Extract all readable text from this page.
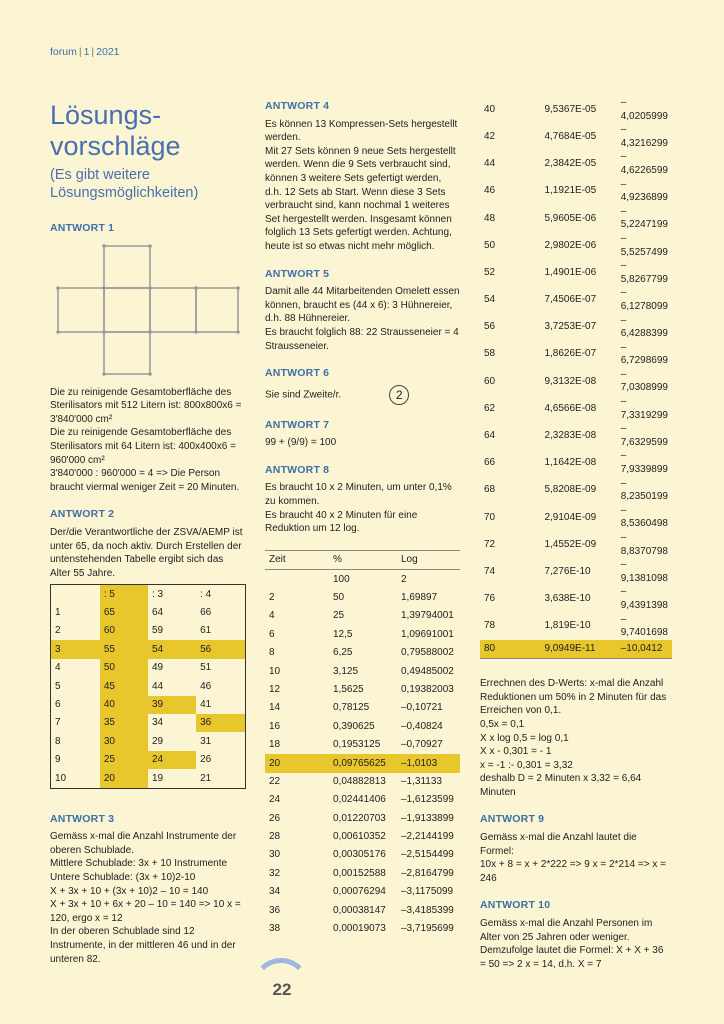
forum | 1 | 2021
Lösungs-
vorschläge

(Es gibt weitere
Lösungsmöglichkeiten)

ANTWORT 1

Die zu reinigende Gesamtoberfläche des Sterilisators mit 512 Litern ist: 800x800x6 = 3'840'000 cm²

Die zu reinigende Gesamtoberfläche des Sterilisators mit 64 Litern ist: 400x400x6 = 960'000 cm²

3'840'000 : 960'000 = 4 => Die Person braucht viermal weniger Zeit = 20 Minuten.

ANTWORT 2

Der/die Verantwortliche der ZSVA/AEMP ist unter 65, da noch aktiv. Durch Erstellen der untenstehenden Tabelle ergibt sich das Alter 55 Jahre.

	: 5	: 3	: 4
1	65	64	66
2	60	59	61
3	55	54	56
4	50	49	51
5	45	44	46
6	40	39	41
7	35	34	36
8	30	29	31
9	25	24	26
10	20	19	21
ANTWORT 3

Gemäss x-mal die Anzahl Instrumente der oberen Schublade.

Mittlere Schublade: 3x + 10 Instrumente

Untere Schublade: (3x + 10)2-10

X + 3x + 10 + (3x + 10)2 – 10 = 140

X + 3x + 10 + 6x + 20 – 10 = 140 => 10 x = 120, ergo x = 12

In der oberen Schublade sind 12 Instrumente, in der mittleren 46 und in der unteren 82.

ANTWORT 4

Es können 13 Kompressen-Sets hergestellt werden.

Mit 27 Sets können 9 neue Sets hergestellt werden. Wenn die 9 Sets verbraucht sind, können 3 weitere Sets gefertigt werden, d.h. 12 Sets ab Start. Wenn diese 3 Sets verbraucht sind, kann nochmal 1 weiteres Set hergestellt werden. Insgesamt können folglich 13 Sets gefertigt werden. Achtung, heute ist so etwas nicht mehr möglich.

ANTWORT 5

Damit alle 44 Mitarbeitenden Omelett essen können, braucht es (44 x 6): 3 Hühnereier, d.h. 88 Hühnereier.

Es braucht folglich 88: 22 Strausseneier = 4 Strausseneier.

ANTWORT 6

Sie sind Zweite/r.	2

ANTWORT 7

99 + (9/9) = 100

ANTWORT 8

Es braucht 10 x 2 Minuten, um unter 0,1% zu kommen.

Es braucht 40 x 2 Minuten für eine Reduktion um 12 log.

Zeit	%	Log
	100	2
2	50	1,69897
4	25	1,39794001
6	12,5	1,09691001
8	6,25	0,79588002
10	3,125	0,49485002
12	1,5625	0,19382003
14	0,78125	–0,10721
16	0,390625	–0,40824
18	0,1953125	–0,70927
20	0,09765625	–1,0103
22	0,04882813	–1,31133
24	0,02441406	–1,6123599
26	0,01220703	–1,9133899
28	0,00610352	–2,2144199
30	0,00305176	–2,5154499
32	0,00152588	–2,8164799
34	0,00076294	–3,1175099
36	0,00038147	–3,4185399
38	0,00019073	–3,7195699
40	9,5367E-05	–4,0205999
42	4,7684E-05	–4,3216299
44	2,3842E-05	–4,6226599
46	1,1921E-05	–4,9236899
48	5,9605E-06	–5,2247199
50	2,9802E-06	–5,5257499
52	1,4901E-06	–5,8267799
54	7,4506E-07	–6,1278099
56	3,7253E-07	–6,4288399
58	1,8626E-07	–6,7298699
60	9,3132E-08	–7,0308999
62	4,6566E-08	–7,3319299
64	2,3283E-08	–7,6329599
66	1,1642E-08	–7,9339899
68	5,8208E-09	–8,2350199
70	2,9104E-09	–8,5360498
72	1,4552E-09	–8,8370798
74	7,276E-10	–9,1381098
76	3,638E-10	–9,4391398
78	1,819E-10	–9,7401698
80	9,0949E-11	–10,0412

Errechnen des D-Werts: x-mal die Anzahl Reduktionen um 50% in 2 Minuten für das Erreichen von 0,1.

0,5x = 0,1

X x log 0,5 = log 0,1

X x - 0,301 = - 1

x = -1 :- 0,301 = 3,32

deshalb D = 2 Minuten x 3,32 = 6,64 Minuten

ANTWORT 9

Gemäss x-mal die Anzahl lautet die Formel:

10x + 8 = x + 2*222 => 9 x = 2*214 => x = 246

ANTWORT 10

Gemäss x-mal die Anzahl Personen im Alter von 25 Jahren oder weniger.

Demzufolge lautet die Formel: X + X + 36 = 50 => 2 x = 14, d.h. X = 7

22
